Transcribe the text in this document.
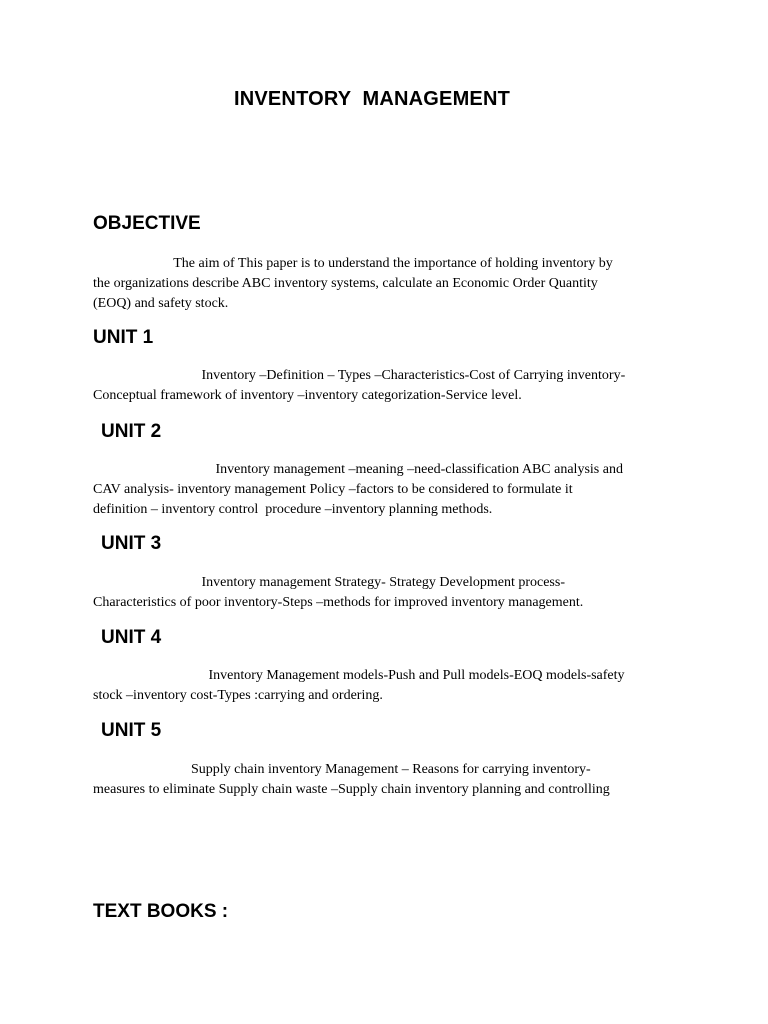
INVENTORY  MANAGEMENT
OBJECTIVE
The aim of This paper is to understand the importance of holding inventory by
the organizations describe ABC inventory systems, calculate an Economic Order Quantity
(EOQ) and safety stock.
UNIT 1
Inventory –Definition – Types –Characteristics-Cost of Carrying inventory-
Conceptual framework of inventory –inventory categorization-Service level.
UNIT 2
Inventory management –meaning –need-classification ABC analysis and
CAV analysis- inventory management Policy –factors to be considered to formulate it
definition – inventory control  procedure –inventory planning methods.
UNIT 3
Inventory management Strategy- Strategy Development process-
Characteristics of poor inventory-Steps –methods for improved inventory management.
UNIT 4
Inventory Management models-Push and Pull models-EOQ models-safety
stock –inventory cost-Types :carrying and ordering.
UNIT 5
Supply chain inventory Management – Reasons for carrying inventory-
measures to eliminate Supply chain waste –Supply chain inventory planning and controlling
TEXT BOOKS :
